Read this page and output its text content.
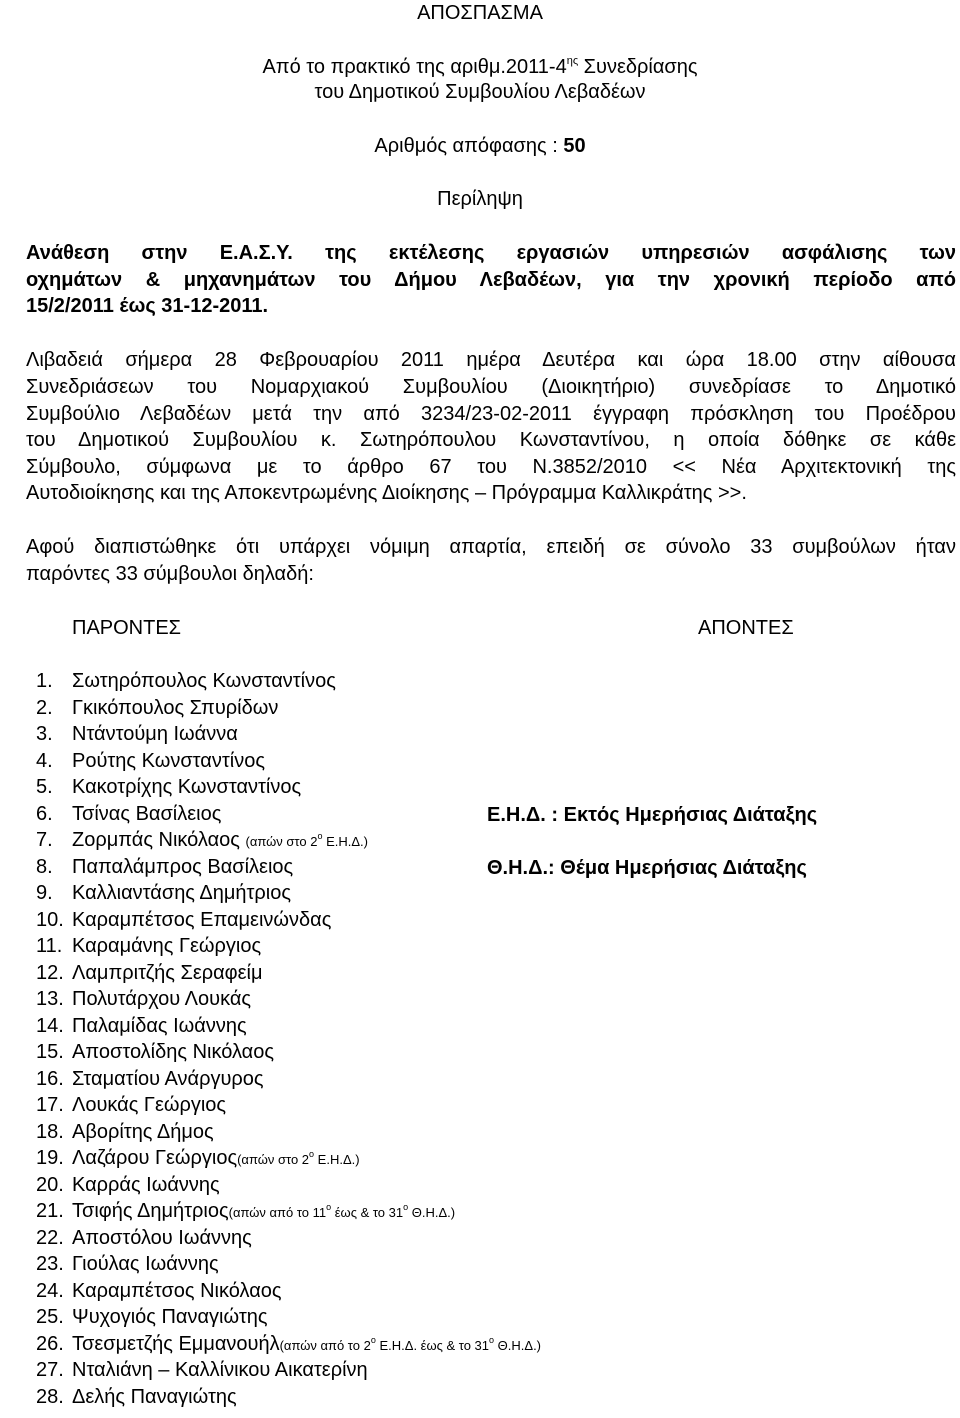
ΑΠΟΣΠΑΣΜΑ
Από το πρακτικό της $\alpha\rho\iota\theta\mu.2011-4^{\eta\varsigma}$ Συνεδρίασης
του Δημοτικού Συμβουλίου Λεβαδέων
Αριθμός απόφασης : 50
Περίληψη
Ανάθεση στην Ε.Α.Σ.Υ. της εκτέλεσης εργασιών υπηρεσιών ασφάλισης των
οχημάτων & μηχανημάτων του Δήμου Λεβαδέων, για την χρονική περίοδο από
15/2/2011 έως 31-12-2011.
Λιβαδειά σήμερα 28 Φεβρουαρίου 2011 ημέρα Δευτέρα και ώρα 18.00 στην αίθουσα
Συνεδριάσεων του Νομαρχιακού Συμβουλίου (Διοικητήριο) συνεδρίασε το Δημοτικό
Συμβούλιο Λεβαδέων μετά την από 3234/23-02-2011 έγγραφη πρόσκληση του Προέδρου
του Δημοτικού Συμβουλίου κ. Σωτηρόπουλου Κωνσταντίνου, η οποία δόθηκε σε κάθε
Σύμβουλο, σύμφωνα με το άρθρο 67 του Ν.3852/2010 << Νέα Αρχιτεκτονική της
Αυτοδιοίκησης και της Αποκεντρωμένης Διοίκησης – Πρόγραμμα Καλλικράτης >>.
Αφού διαπιστώθηκε ότι υπάρχει νόμιμη απαρτία, επειδή σε σύνολο 33 συμβούλων ήταν
παρόντες 33 σύμβουλοι δηλαδή:
ΠΑΡΟΝΤΕΣ	ΑΠΟΝΤΕΣ
1. Σωτηρόπουλος Κωνσταντίνος
2. Γκικόπουλος Σπυρίδων
3. Ντάντούμη Ιωάννα
4. Ρούτης Κωνσταντίνος
5. Κακοτρίχης Κωνσταντίνος
6. Τσίνας Βασίλειος
7. Ζορμπάς Νικόλαος (απών στο $2^o$ Ε.Η.Δ.)
8. Παπαλάμπρος Βασίλειος
9. Καλλιαντάσης Δημήτριος
10. Καραμπέτσος Επαμεινώνδας
11. Καραμάνης Γεώργιος
12. Λαμπριτζής Σεραφείμ
13. Πολυτάρχου Λουκάς
14. Παλαμίδας Ιωάννης
15. Αποστολίδης Νικόλαος
16. Σταματίου Ανάργυρος
17. Λουκάς Γεώργιος
18. Αβορίτης Δήμος
19. Λαζάρου Γεώργιος(απών στο $2^o$ Ε.Η.Δ.)
20. Καρράς Ιωάννης
21. Τσιφής Δημήτριος(απών από το $11^o$ έως & το $31^o$ Θ.Η.Δ.)
22. Αποστόλου Ιωάννης
23. Γιούλας Ιωάννης
24. Καραμπέτσος Νικόλαος
25. Ψυχογιός Παναγιώτης
26. Τσεσμετζής Εμμανουήλ(απών από το $2^o$ Ε.Η.Δ. έως & το $31^o$ Θ.Η.Δ.)
27. Νταλιάνη – Καλλίνικου Αικατερίνη
28. Δελής Παναγιώτης
Ε.Η.Δ. : Εκτός Ημερήσιας Διάταξης
Θ.Η.Δ.: Θέμα Ημερήσιας Διάταξης
